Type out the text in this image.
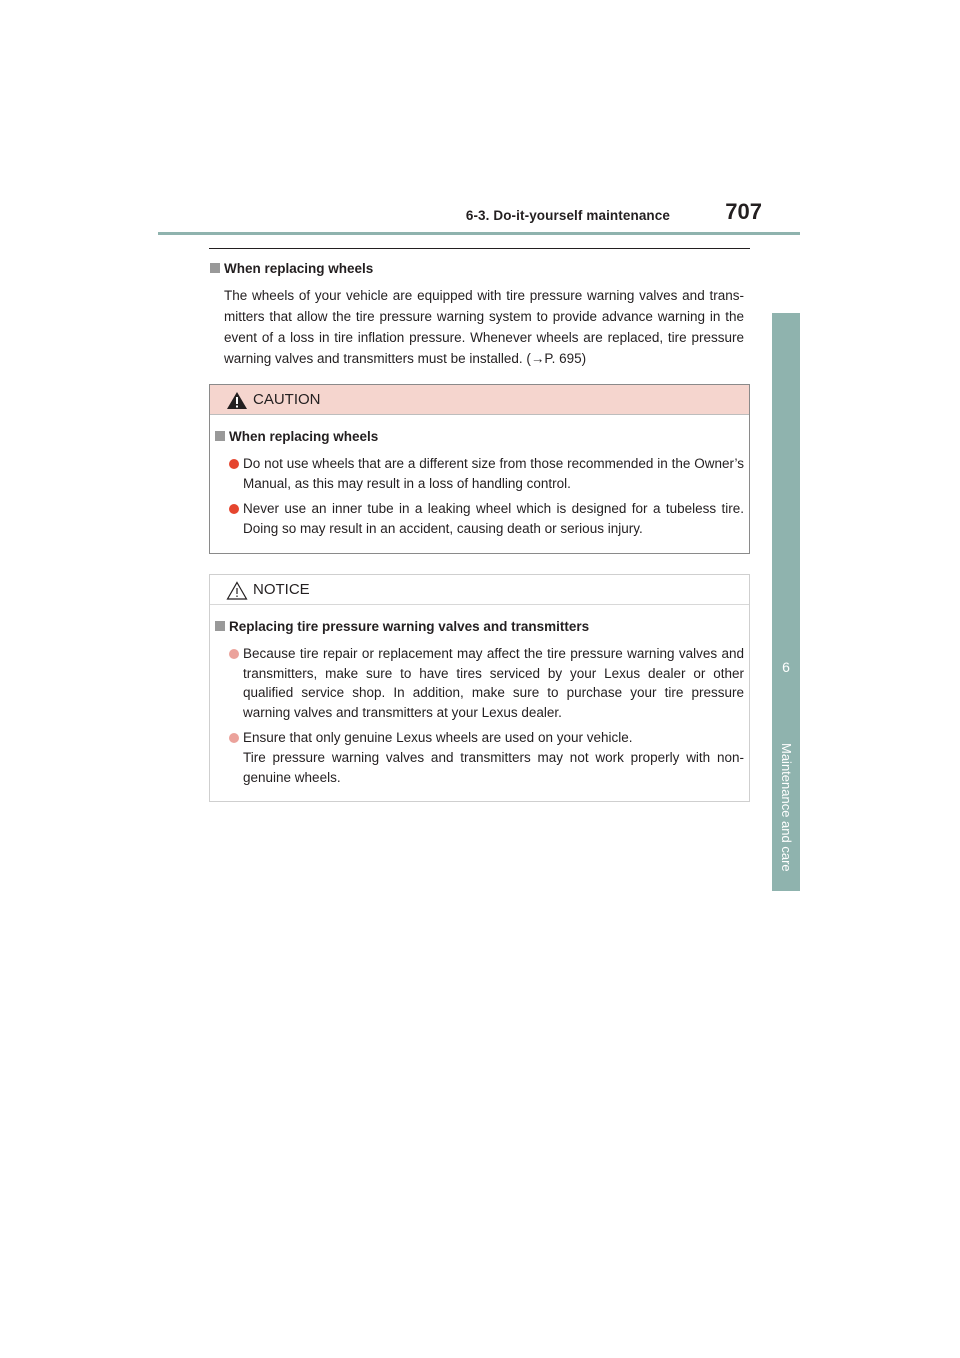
6-3. Do-it-yourself maintenance	707
6
Maintenance and care
When replacing wheels
The wheels of your vehicle are equipped with tire pressure warning valves and trans-mitters that allow the tire pressure warning system to provide advance warning in the event of a loss in tire inflation pressure. Whenever wheels are replaced, tire pressure warning valves and transmitters must be installed. (→P. 695)
CAUTION
When replacing wheels
Do not use wheels that are a different size from those recommended in the Owner’s Manual, as this may result in a loss of handling control.
Never use an inner tube in a leaking wheel which is designed for a tubeless tire. Doing so may result in an accident, causing death or serious injury.
NOTICE
Replacing tire pressure warning valves and transmitters
Because tire repair or replacement may affect the tire pressure warning valves and transmitters, make sure to have tires serviced by your Lexus dealer or other qualified service shop. In addition, make sure to purchase your tire pressure warning valves and transmitters at your Lexus dealer.
Ensure that only genuine Lexus wheels are used on your vehicle.
Tire pressure warning valves and transmitters may not work properly with non-genuine wheels.
